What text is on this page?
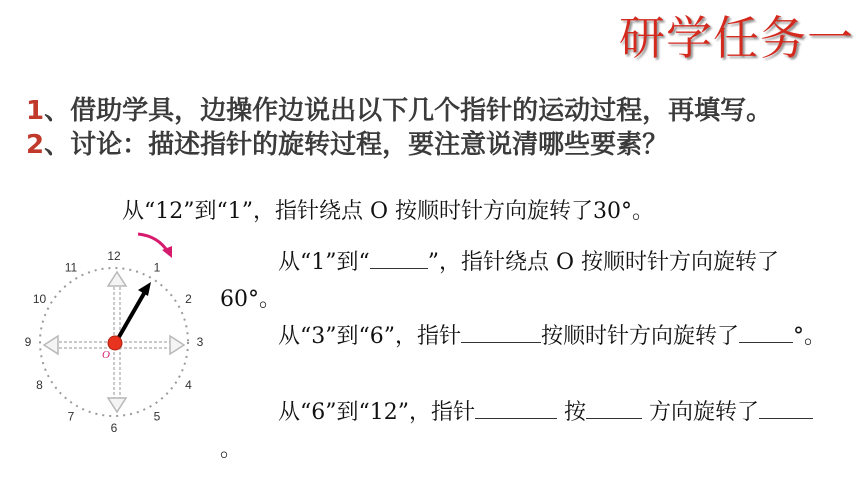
研学任务一
1、借助学具，边操作边说出以下几个指针的运动过程，再填写。
2、讨论：描述指针的旋转过程，要注意说清哪些要素？
从“12”到“1”，指针绕点 O 按顺时针方向旋转了30°。
12
1
2
3
4
5
6
7
8
9
10
11
O
从“1”到“	”，指针绕点 O 按顺时针方向旋转了60°。
从“3”到“6”，指针	按顺时针方向旋转了 °。
从“6”到“12”，指针	按	方向旋转了。
